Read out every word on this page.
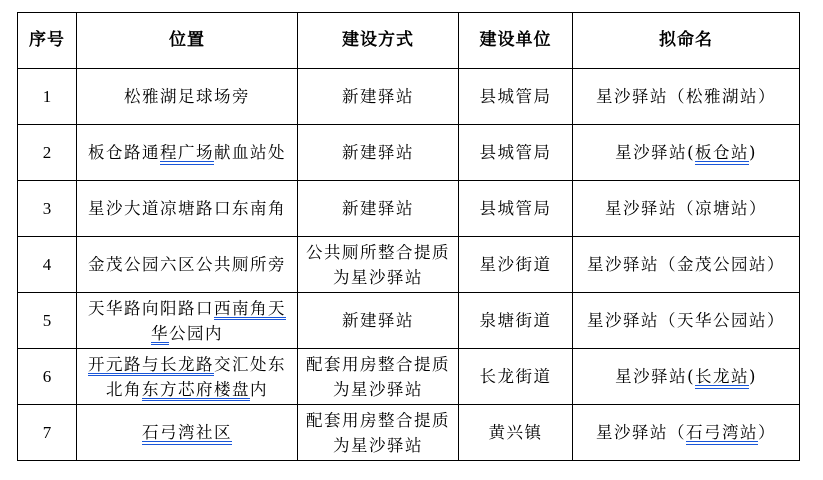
序号	位置	建设方式	建设单位	拟命名
1	松雅湖足球场旁	新建驿站	县城管局	星沙驿站（松雅湖站）
2	板仓路通程广场献血站处	新建驿站	县城管局	星沙驿站(板仓站)
3	星沙大道凉塘路口东南角	新建驿站	县城管局	星沙驿站（凉塘站）
4	金茂公园六区公共厕所旁	公共厕所整合提质为星沙驿站	星沙街道	星沙驿站（金茂公园站）
5	天华路向阳路口西南角天华公园内	新建驿站	泉塘街道	星沙驿站（天华公园站）
6	开元路与长龙路交汇处东北角东方芯府楼盘内	配套用房整合提质为星沙驿站	长龙街道	星沙驿站(长龙站)
7	石弓湾社区	配套用房整合提质为星沙驿站	黄兴镇	星沙驿站（石弓湾站）
